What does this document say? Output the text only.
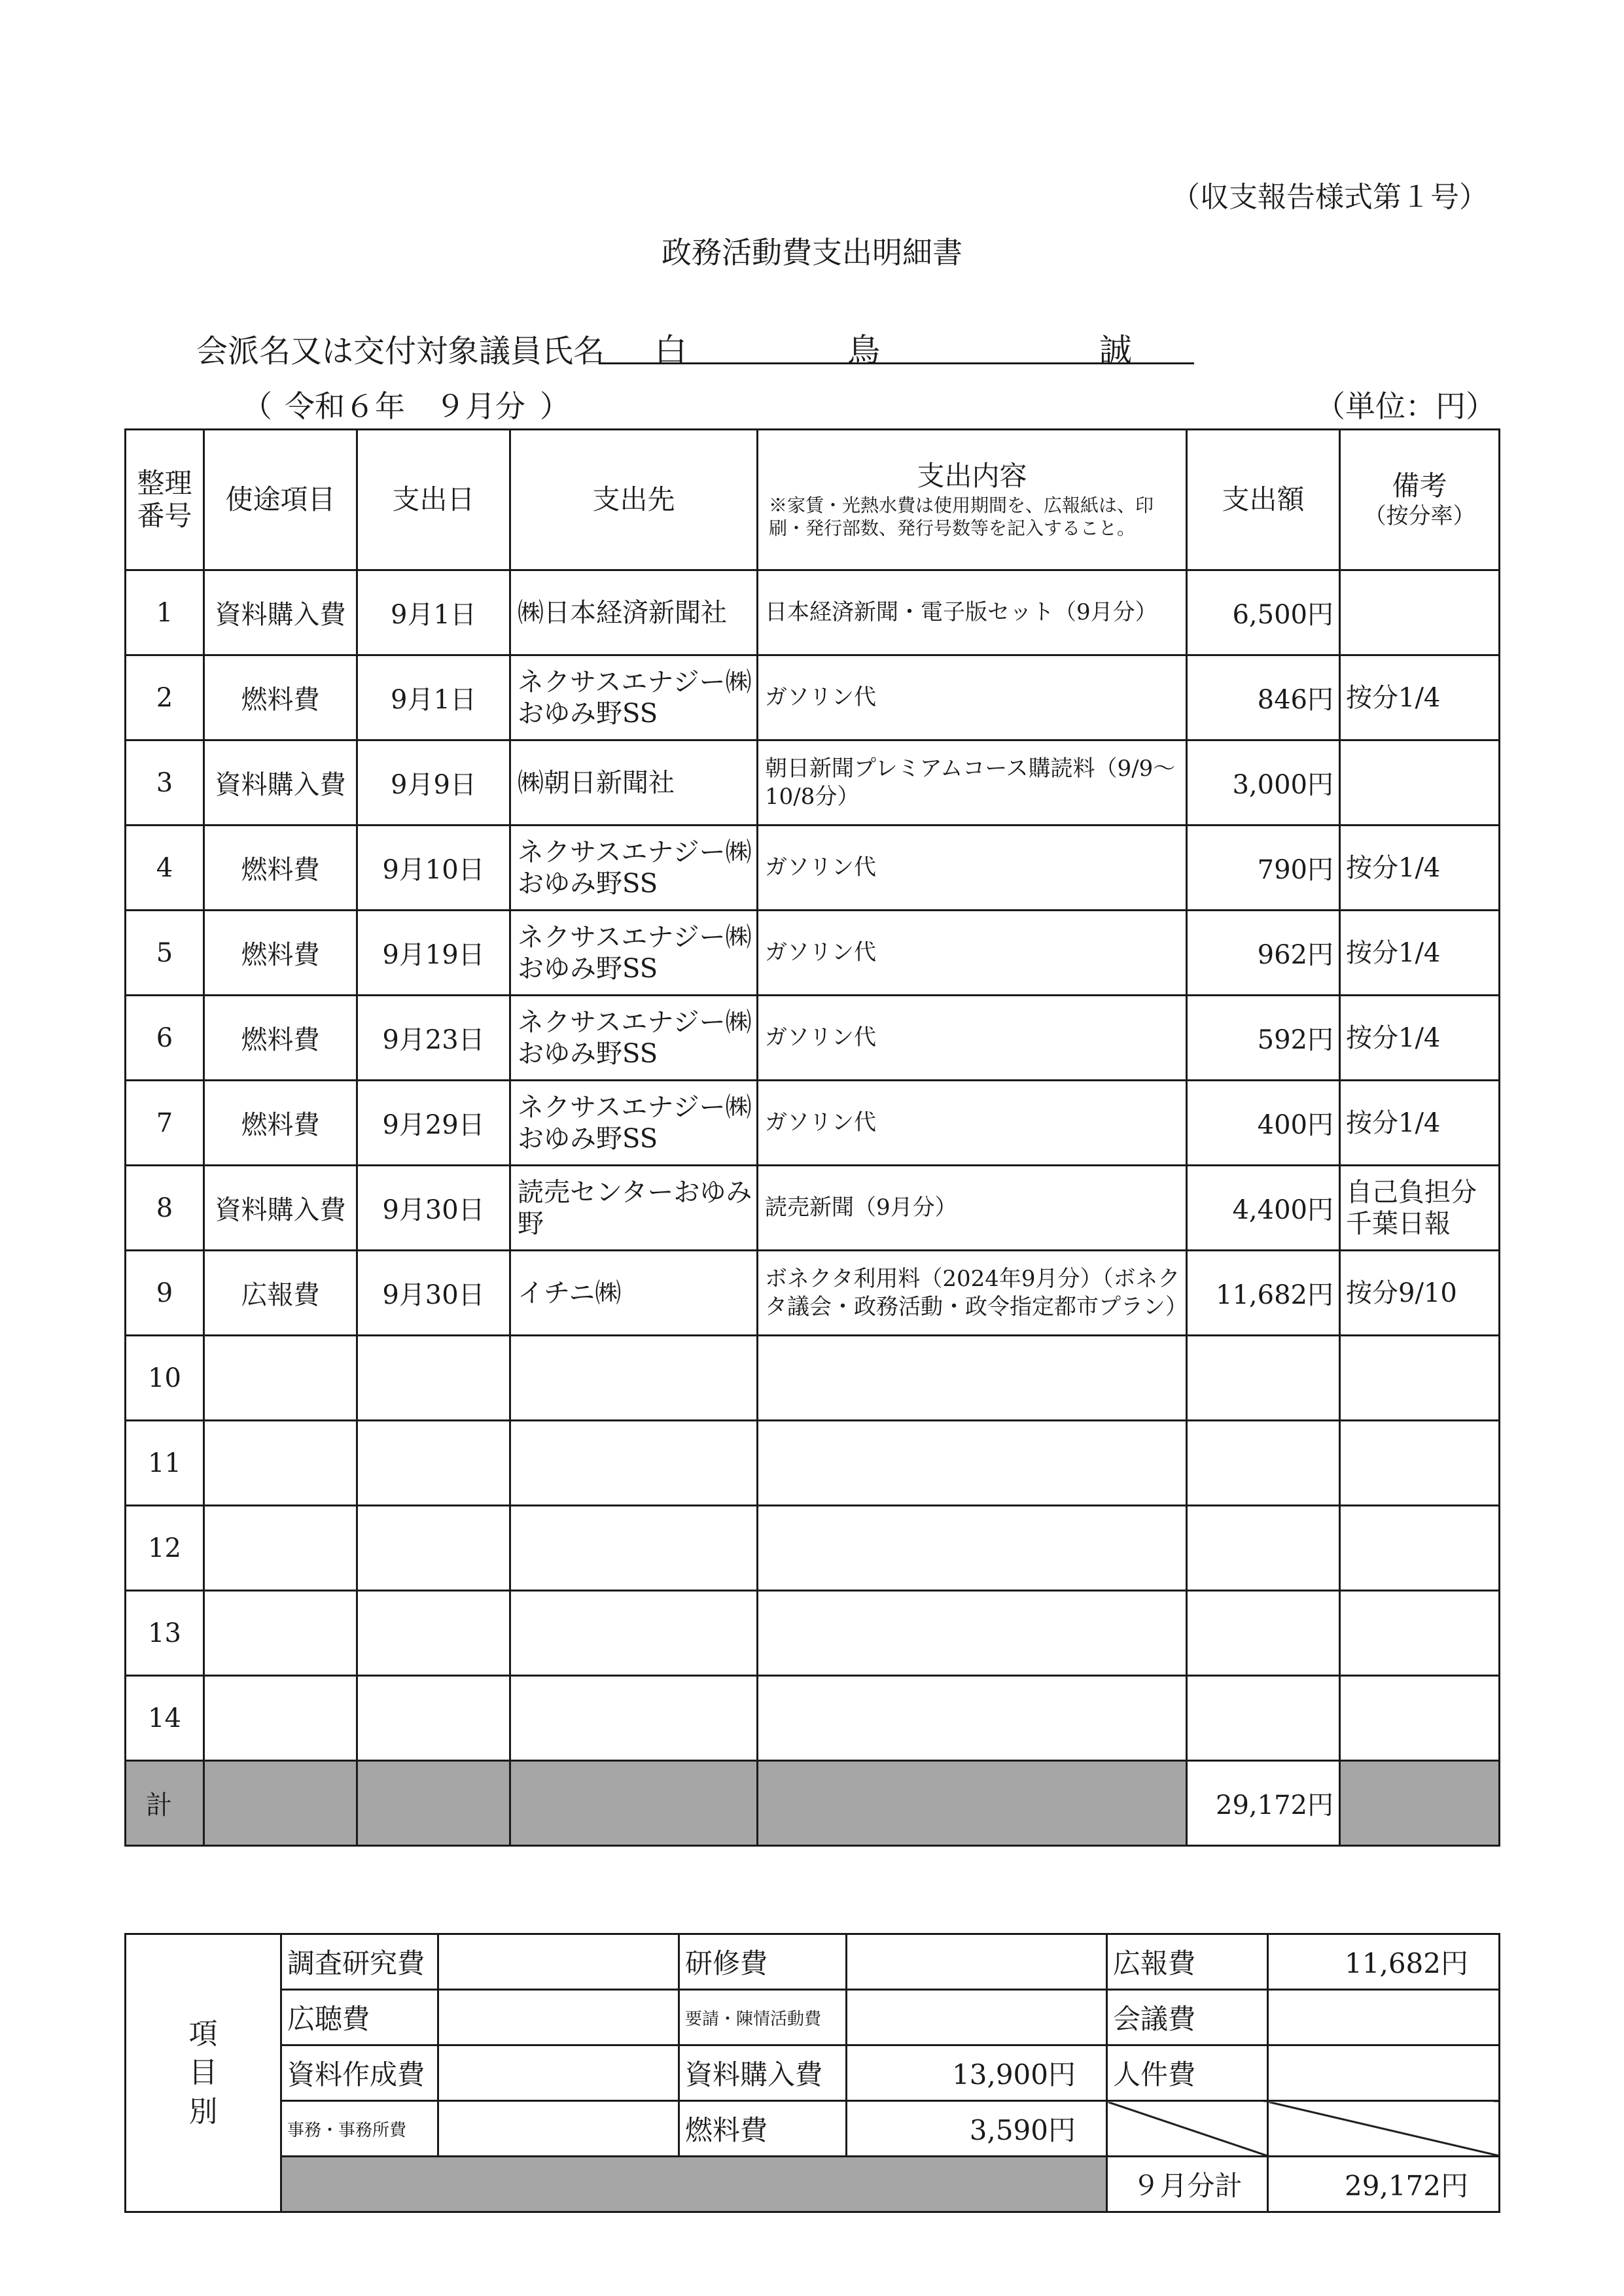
（収支報告様式第１号）
政務活動費支出明細書
会派名又は交付対象議員氏名 白	鳥	誠
（ 令和６年　９月分 ）	（単位：円）
整理番号	使途項目	支出日	支出先	支出内容
※家賃・光熱水費は使用期間を、広報紙は、印刷・発行部数、発行号数等を記入すること。	支出額	備考
（按分率）

1	資料購入費	9月1日	㈱日本経済新聞社	日本経済新聞・電子版セット（9月分）	6,500円	
2	燃料費	9月1日	ネクサスエナジー㈱おゆみ野SS	ガソリン代	846円	按分1/4
3	資料購入費	9月9日	㈱朝日新聞社	朝日新聞プレミアムコース購読料（9/9～10/8分）	3,000円	
4	燃料費	9月10日	ネクサスエナジー㈱おゆみ野SS	ガソリン代	790円	按分1/4
5	燃料費	9月19日	ネクサスエナジー㈱おゆみ野SS	ガソリン代	962円	按分1/4
6	燃料費	9月23日	ネクサスエナジー㈱おゆみ野SS	ガソリン代	592円	按分1/4
7	燃料費	9月29日	ネクサスエナジー㈱おゆみ野SS	ガソリン代	400円	按分1/4
8	資料購入費	9月30日	読売センターおゆみ野	読売新聞（9月分）	4,400円	自己負担分千葉日報
9	広報費	9月30日	イチニ㈱	ボネクタ利用料（2024年9月分）（ボネクタ議会・政務活動・政令指定都市プラン）	11,682円	按分9/10
10						
11						
12						
13						
14						
計					29,172円	
項目別	調査研究費		研修費		広報費	11,682円
	広聴費		要請・陳情活動費		会議費	
	資料作成費		資料購入費	13,900円	人件費	
	事務・事務所費		燃料費	3,590円		
					９月分計	29,172円
